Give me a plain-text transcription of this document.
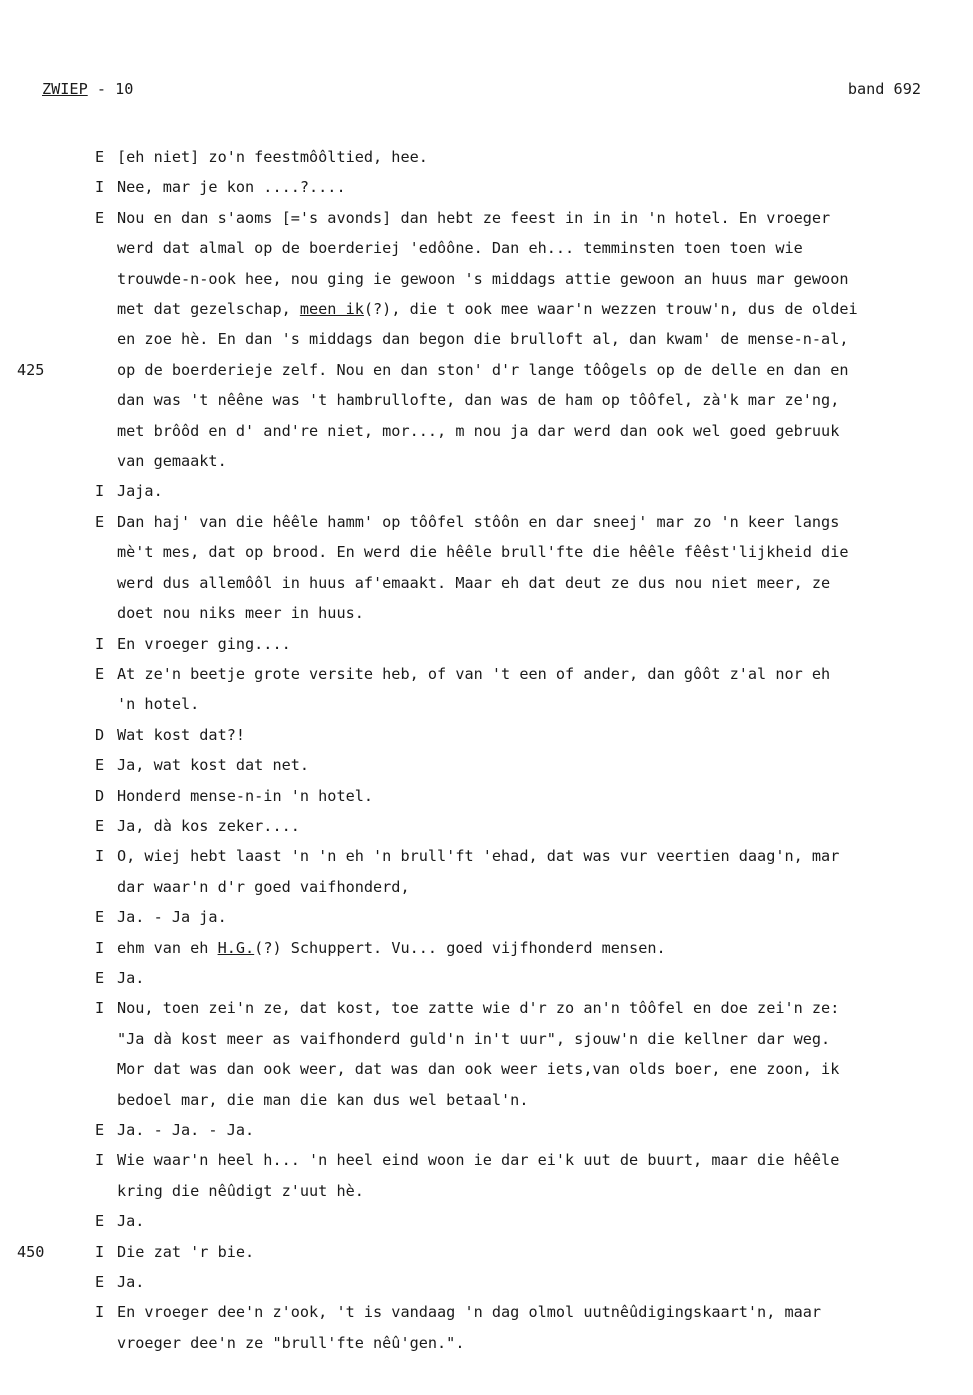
ZWIEP - 10	band 692
E [eh niet] zo'n feestmôôltied, hee.
I Nee, mar je kon ....?....
E Nou en dan s'aoms [='s avonds] dan hebt ze feest in in in 'n hotel. En vroeger
werd dat almal op de boerderiej 'edôône. Dan eh... temminsten toen toen wie
trouwde-n-ook hee, nou ging ie gewoon 's middags attie gewoon an huus mar gewoon
met dat gezelschap, meen ik(?), die t ook mee waar'n wezzen trouw'n, dus de oldei
en zoe hè. En dan 's middags dan begon die brulloft al, dan kwam' de mense-n-al,
425	op de boerderieje zelf. Nou en dan ston' d'r lange tôôgels op de delle en dan en
dan was 't nêêne was 't hambrullofte, dan was de ham op tôôfel, zà'k mar ze'ng,
met brôôd en d' and're niet, mor..., m nou ja dar werd dan ook wel goed gebruuk
van gemaakt.
I Jaja.
E Dan haj' van die hêêle hamm' op tôôfel stôôn en dar sneej' mar zo 'n keer langs
mè't mes, dat op brood. En werd die hêêle brull'fte die hêêle fêêst'lijkheid die
werd dus allemôôl in huus af'emaakt. Maar eh dat deut ze dus nou niet meer, ze
doet nou niks meer in huus.
I En vroeger ging....
E At ze'n beetje grote versite heb, of van 't een of ander, dan gôôt z'al nor eh
'n hotel.
D Wat kost dat?!
E Ja, wat kost dat net.
D Honderd mense-n-in 'n hotel.
E Ja, dà kos zeker....
I O, wiej hebt laast 'n 'n eh 'n brull'ft 'ehad, dat was vur veertien daag'n, mar
dar waar'n d'r goed vaifhonderd,
E Ja. - Ja ja.
I ehm van eh H.G.(?) Schuppert. Vu... goed vijfhonderd mensen.
E Ja.
I Nou, toen zei'n ze, dat kost, toe zatte wie d'r zo an'n tôôfel en doe zei'n ze:
"Ja dà kost meer as vaifhonderd guld'n in't uur", sjouw'n die kellner dar weg.
Mor dat was dan ook weer, dat was dan ook weer iets,van olds boer, ene zoon, ik
bedoel mar, die man die kan dus wel betaal'n.
E Ja. - Ja. - Ja.
I Wie waar'n heel h... 'n heel eind woon ie dar ei'k uut de buurt, maar die hêêle
kring die nêûdigt z'uut hè.
E Ja.
450	I Die zat 'r bie.
E Ja.
I En vroeger dee'n z'ook, 't is vandaag 'n dag olmol uutnêûdigingskaart'n, maar
vroeger dee'n ze "brull'fte nêû'gen.".
